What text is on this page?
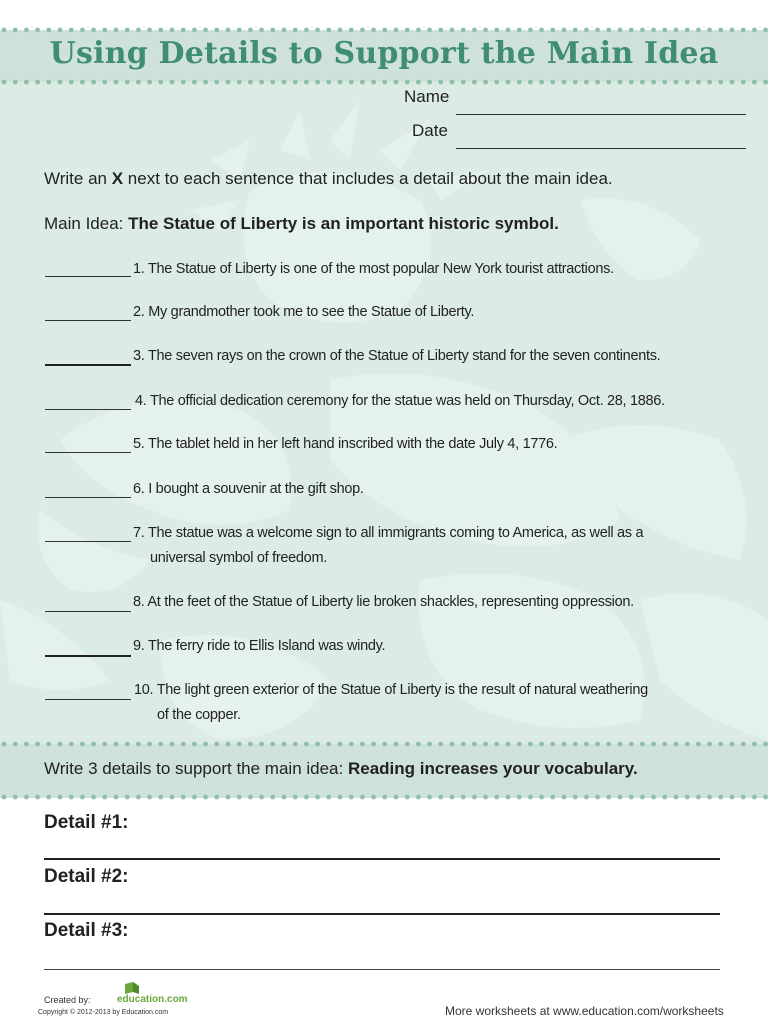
Using Details to Support the Main Idea
Name
Date
Write an X next to each sentence that includes a detail about the main idea.
Main Idea: The Statue of Liberty is an important historic symbol.
1. The Statue of Liberty is one of the most popular New York tourist attractions.
2. My grandmother took me to see the Statue of Liberty.
3. The seven rays on the crown of the Statue of Liberty stand for the seven continents.
4. The official dedication ceremony for the statue was held on Thursday, Oct. 28, 1886.
5. The tablet held in her left hand inscribed with the date July 4, 1776.
6. I bought a souvenir at the gift shop.
7. The statue was a welcome sign to all immigrants coming to America, as well as a
universal symbol of freedom.
8. At the feet of the Statue of Liberty lie broken shackles, representing oppression.
9. The ferry ride to Ellis Island was windy.
10. The light green exterior of the Statue of Liberty is the result of natural weathering
of the copper.
Write 3 details to support the main idea: Reading increases your vocabulary.
Detail #1:
Detail #2:
Detail #3:
Created by:	education.com
Copyright © 2012-2013 by Education.com	More worksheets at www.education.com/worksheets
